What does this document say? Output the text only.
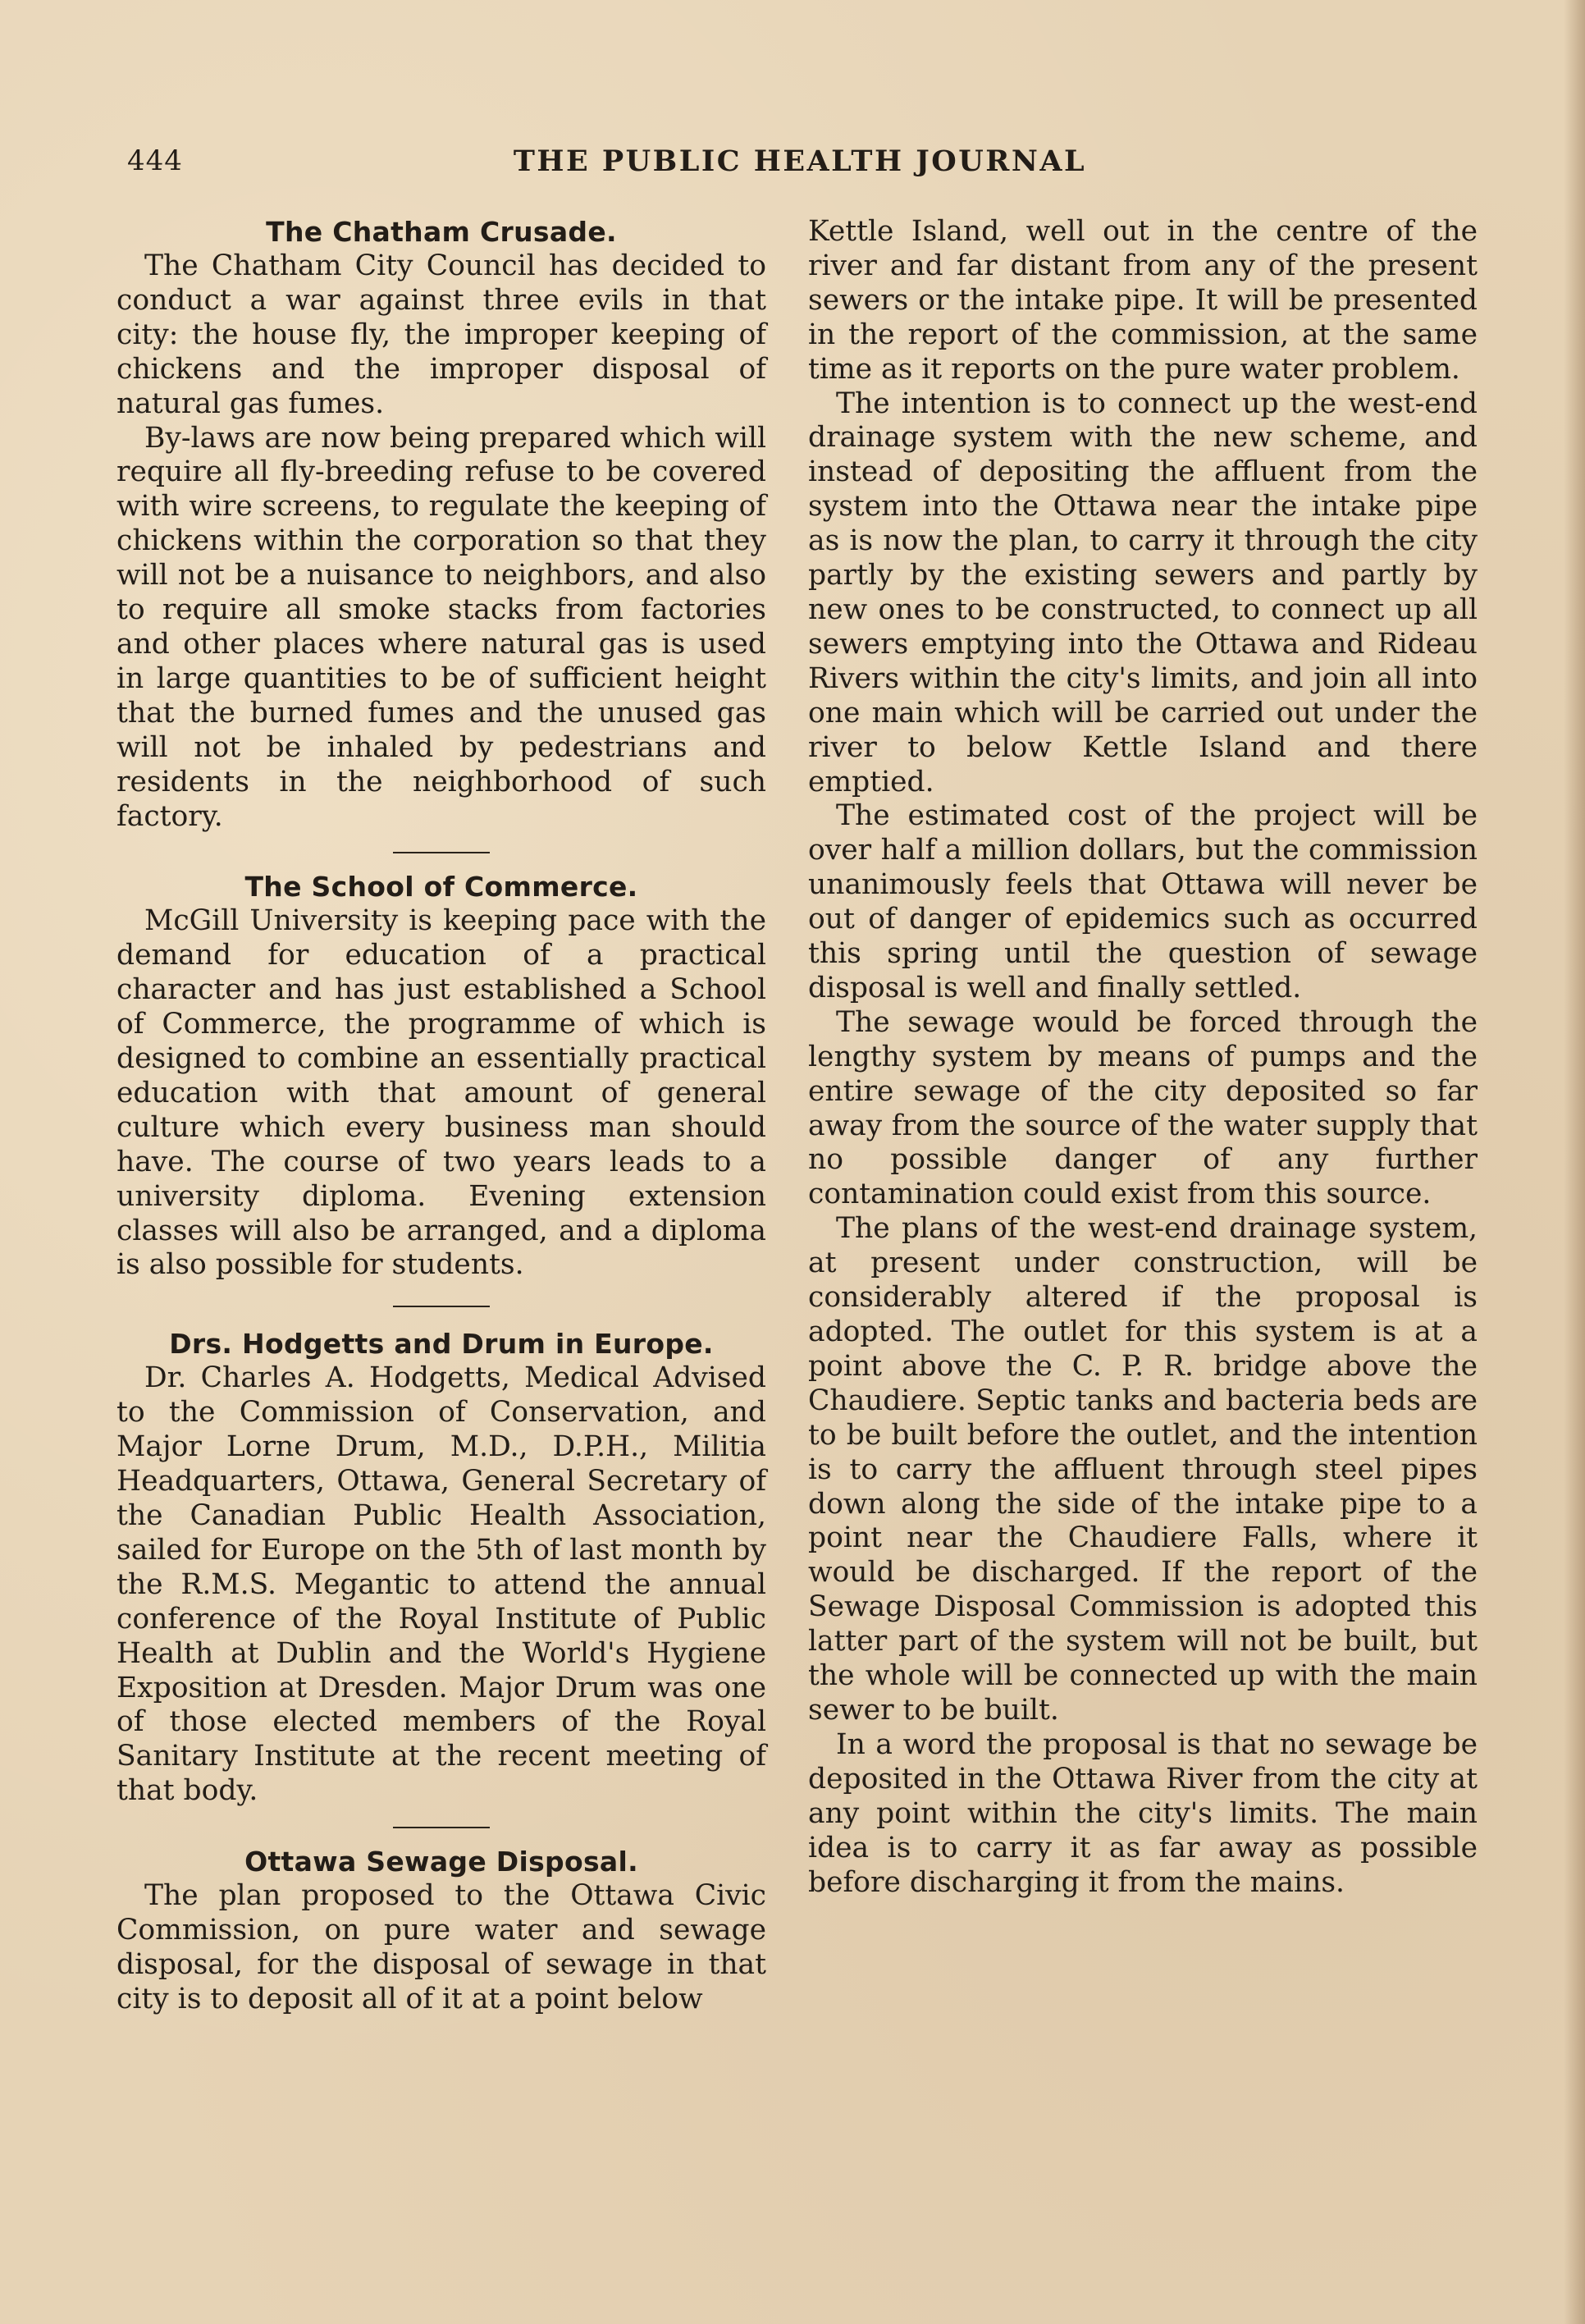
444	THE PUBLIC HEALTH JOURNAL
The Chatham Crusade.

The Chatham City Council has decided to conduct a war against three evils in that city: the house fly, the improper keeping of chickens and the improper disposal of natural gas fumes.

By-laws are now being prepared which will require all fly-breeding refuse to be covered with wire screens, to regulate the keeping of chickens within the corporation so that they will not be a nuisance to neighbors, and also to require all smoke stacks from factories and other places where natural gas is used in large quantities to be of sufficient height that the burned fumes and the unused gas will not be inhaled by pedestrians and residents in the neighborhood of such factory.

The School of Commerce.

McGill University is keeping pace with the demand for education of a practical character and has just established a School of Commerce, the programme of which is designed to combine an essentially practical education with that amount of general culture which every business man should have. The course of two years leads to a university diploma. Evening extension classes will also be arranged, and a diploma is also possible for students.

Drs. Hodgetts and Drum in Europe.

Dr. Charles A. Hodgetts, Medical Advised to the Commission of Conservation, and Major Lorne Drum, M.D., D.P.H., Militia Headquarters, Ottawa, General Secretary of the Canadian Public Health Association, sailed for Europe on the 5th of last month by the R.M.S. Megantic to attend the annual conference of the Royal Institute of Public Health at Dublin and the World's Hygiene Exposition at Dresden. Major Drum was one of those elected members of the Royal Sanitary Institute at the recent meeting of that body.

Ottawa Sewage Disposal.

The plan proposed to the Ottawa Civic Commission, on pure water and sewage disposal, for the disposal of sewage in that city is to deposit all of it at a point below

Kettle Island, well out in the centre of the river and far distant from any of the present sewers or the intake pipe. It will be presented in the report of the commission, at the same time as it reports on the pure water problem.

The intention is to connect up the west-end drainage system with the new scheme, and instead of depositing the affluent from the system into the Ottawa near the intake pipe as is now the plan, to carry it through the city partly by the existing sewers and partly by new ones to be constructed, to connect up all sewers emptying into the Ottawa and Rideau Rivers within the city's limits, and join all into one main which will be carried out under the river to below Kettle Island and there emptied.

The estimated cost of the project will be over half a million dollars, but the commission unanimously feels that Ottawa will never be out of danger of epidemics such as occurred this spring until the question of sewage disposal is well and finally settled.

The sewage would be forced through the lengthy system by means of pumps and the entire sewage of the city deposited so far away from the source of the water supply that no possible danger of any further contamination could exist from this source.

The plans of the west-end drainage system, at present under construction, will be considerably altered if the proposal is adopted. The outlet for this system is at a point above the C. P. R. bridge above the Chaudiere. Septic tanks and bacteria beds are to be built before the outlet, and the intention is to carry the affluent through steel pipes down along the side of the intake pipe to a point near the Chaudiere Falls, where it would be discharged. If the report of the Sewage Disposal Commission is adopted this latter part of the system will not be built, but the whole will be connected up with the main sewer to be built.

In a word the proposal is that no sewage be deposited in the Ottawa River from the city at any point within the city's limits. The main idea is to carry it as far away as possible before discharging it from the mains.
